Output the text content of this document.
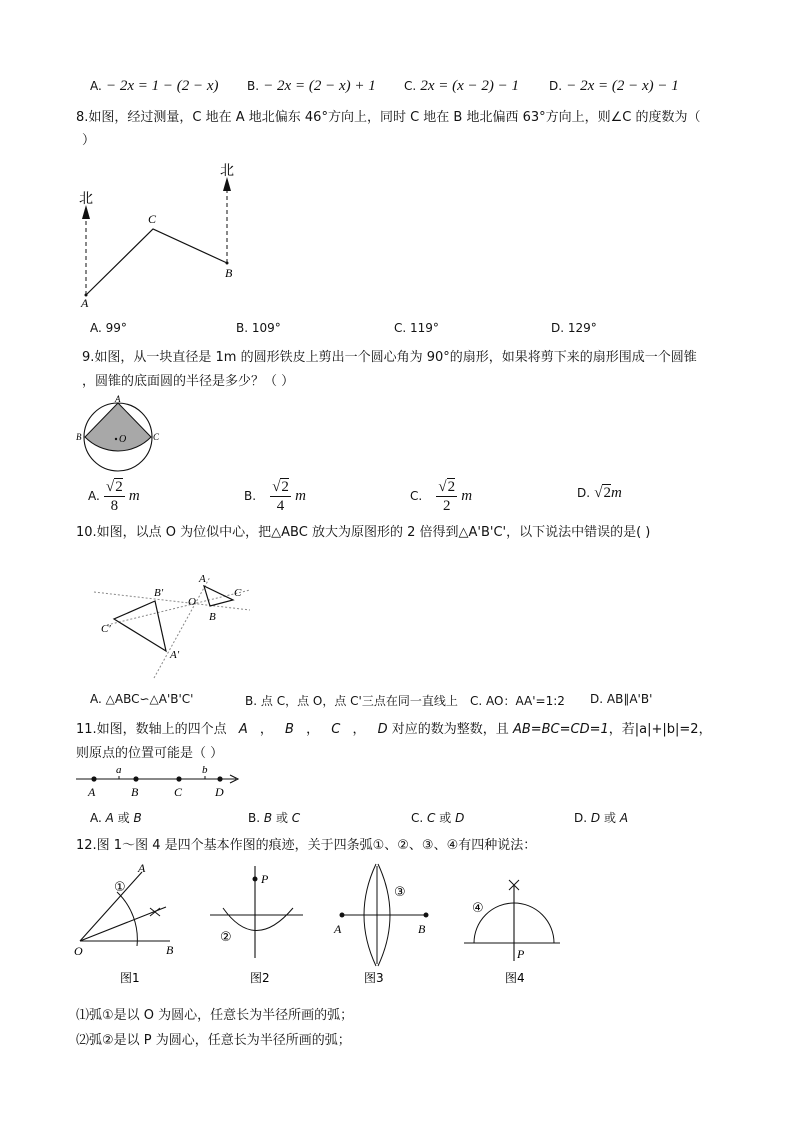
A. − 2x = 1 − (2 − x) B. − 2x = (2 − x) + 1 C. 2x = (x − 2) − 1 D. − 2x = (2 − x) − 1
8.如图，经过测量，C 地在 A 地北偏东 46°方向上，同时 C 地在 B 地北偏西 63°方向上，则∠C 的度数为（
）
北
北
A
C
B
A. 99°	B. 109°	C. 119°	D. 129°
9.如图，从一块直径是 1m 的圆形铁皮上剪出一个圆心角为 90°的扇形，如果将剪下来的扇形围成一个圆锥
，圆锥的底面圆的半径是多少？（ ）
A
B	C
O
A. $\frac{√2}{8}$ m	B. $\frac{√2}{4}$ m	C. $\frac{√2}{2}$ m	D. √2m
10.如图，以点 O 为位似中心，把△ABC 放大为原图形的 2 倍得到△A'B'C'，以下说法中错误的是( )
B′
C′
A′
O
A
B
C
A. △ABC∽△A'B'C'	B. 点 C，点 O，点 C'三点在同一直线上 C. AO：AA'=1:2 D. AB∥A'B'
11.如图，数轴上的四个点 A ， B ， C ， D 对应的数为整数，且 AB=BC=CD=1，若|a|+|b|=2，
则原点的位置可能是（ ）
a	b
A	B	C	D
A. A 或 B	B. B 或 C	C. C 或 D	D. D 或 A
12.图 1～图 4 是四个基本作图的痕迹，关于四条弧①、②、③、④有四种说法：
①
A
O	B
图1
P
②
图2
③
A	B
图3
④
P
图4
⑴弧①是以 O 为圆心，任意长为半径所画的弧；
⑵弧②是以 P 为圆心，任意长为半径所画的弧；
